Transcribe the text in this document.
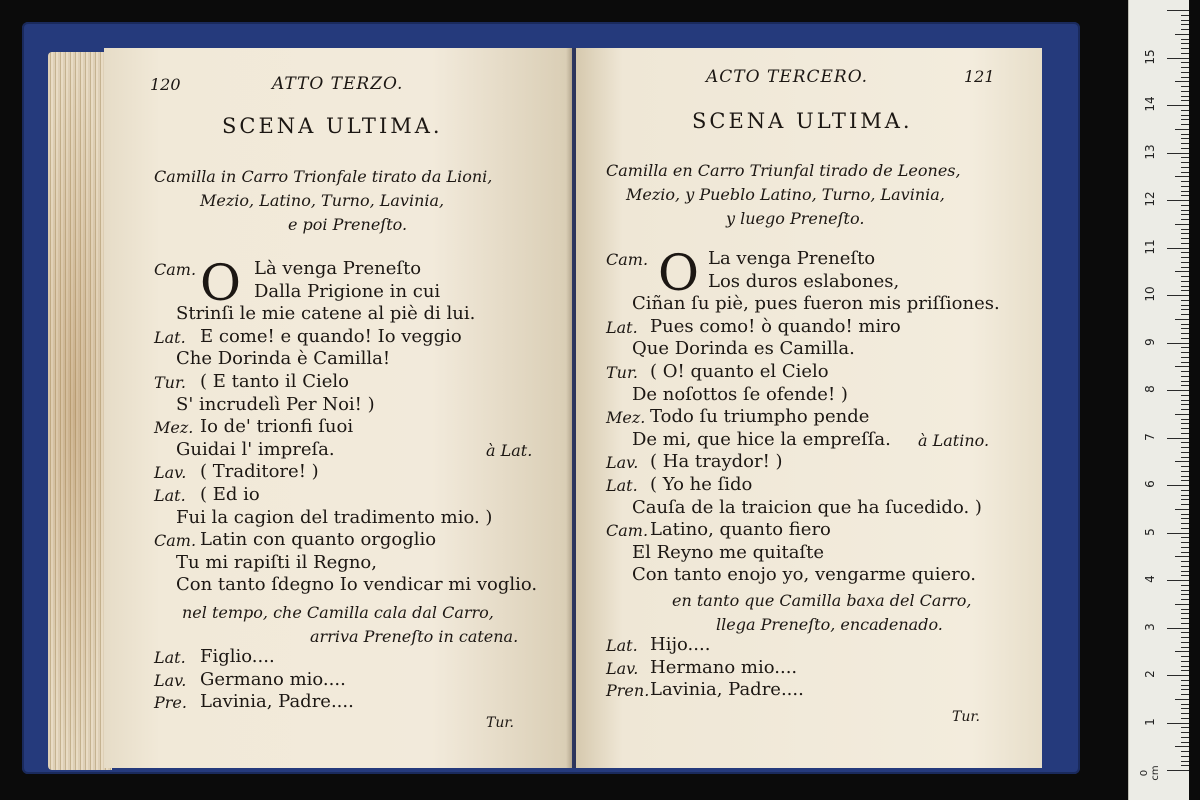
120	ATTO TERZO.
SCENA ULTIMA.
Camilla in Carro Trionfale tirato da Lioni,
Mezio, Latino, Turno, Lavinia,
e poi Preneſto.
O
Cam.	Là venga Preneſto
Dalla Prigione in cui
Strinſi le mie catene al piè di lui.
Lat. E come! e quando! Io veggio
Che Dorinda è Camilla!
Tur. ( E tanto il Cielo
S' incrudelì Per Noi! )
Mez. Io de' trionfi ſuoi
Guidai l' impreſa.	à Lat.
Lav. ( Traditore! )
Lat. ( Ed io
Fui la cagion del tradimento mio. )
Cam. Latin con quanto orgoglio
Tu mi rapiſti il Regno,
Con tanto ſdegno Io vendicar mi voglio.
Lat. Figlio....
Lav. Germano mio....
Pre. Lavinia, Padre....
nel tempo, che Camilla cala dal Carro,
arriva Preneſto in catena.
Tur.
ACTO TERCERO.	121
SCENA ULTIMA.
Camilla en Carro Triunfal tirado de Leones,
Mezio, y Pueblo Latino, Turno, Lavinia,
y luego Preneſto.
O
Cam.	La venga Preneſto
Los duros eslabones,
Ciñan ſu piè, pues fueron mis priſſiones.
Lat. Pues como! ò quando! miro
Que Dorinda es Camilla.
Tur. ( O! quanto el Cielo
De noſottos ſe ofende! )
Mez. Todo ſu triumpho pende
De mi, que hice la empreſſa. à Latino.
Lav. ( Ha traydor! )
Lat. ( Yo he ſido
Cauſa de la traicion que ha ſucedido. )
Cam. Latino, quanto fiero
El Reyno me quitaſte
Con tanto enojo yo, vengarme quiero.
Lat. Hijo....
Lav. Hermano mio....
Pren. Lavinia, Padre....
en tanto que Camilla baxa del Carro,
llega Preneſto, encadenado.
Tur.
0 cm
1
2
3
4
5
6
7
8
9
10
11
12
13
14
15
